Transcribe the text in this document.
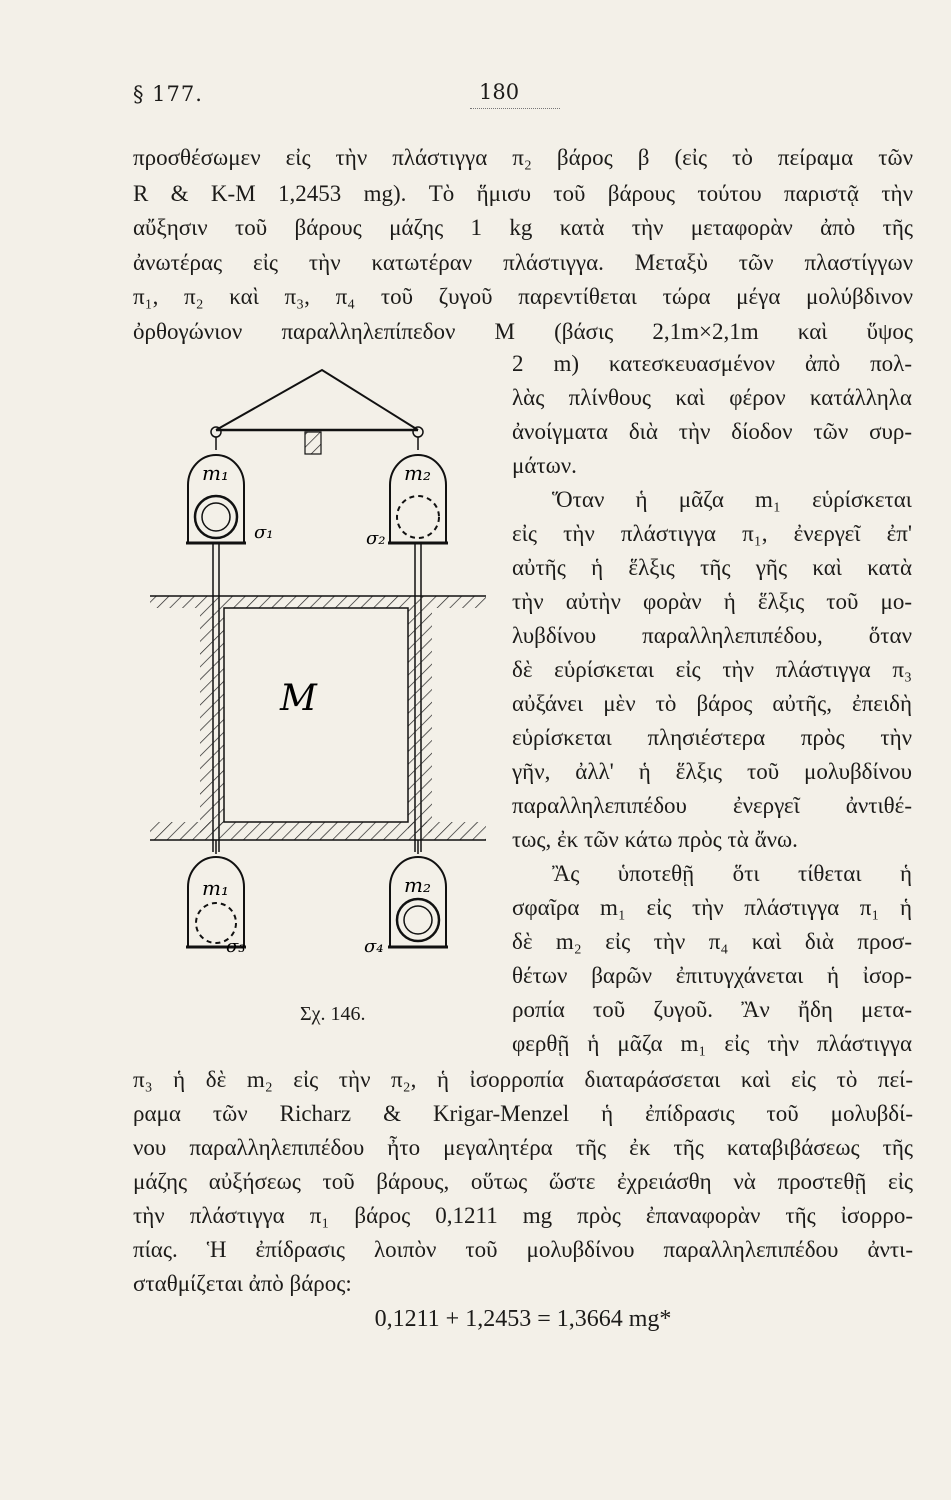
§ 177.	180
προσθέσωμεν εἰς τὴν πλάστιγγα π₂ βάρος β (εἰς τὸ πείραμα τῶν
R & K-M 1,2453 mg). Τὸ ἥμισυ τοῦ βάρους τούτου παριστᾷ τὴν
αὔξησιν τοῦ βάρους μάζης 1 kg κατὰ τὴν μεταφορὰν ἀπὸ τῆς
ἀνωτέρας εἰς τὴν κατωτέραν πλάστιγγα. Μεταξὺ τῶν πλαστίγγων
π₁, π₂ καὶ π₃, π₄ τοῦ ζυγοῦ παρεντίθεται τώρα μέγα μολύβδινον
ὀρθογώνιον παραλληλεπίπεδον Μ (βάσις 2,1m×2,1m καὶ ὕψος
2 m) κατεσκευασμένον ἀπὸ πολ-
λὰς πλίνθους καὶ φέρον κατάλληλα
ἀνοίγματα διὰ τὴν δίοδον τῶν συρ-
μάτων.
Ὅταν ἡ μᾶζα m₁ εὑρίσκεται
εἰς τὴν πλάστιγγα π₁, ἐνεργεῖ ἐπ'
αὐτῆς ἡ ἕλξις τῆς γῆς καὶ κατὰ
τὴν αὐτὴν φορὰν ἡ ἕλξις τοῦ μο-
λυβδίνου παραλληλεπιπέδου, ὅταν
δὲ εὑρίσκεται εἰς τὴν πλάστιγγα π₃
αὐξάνει μὲν τὸ βάρος αὐτῆς, ἐπειδὴ
εὑρίσκεται πλησιέστερα πρὸς τὴν
γῆν, ἀλλ' ἡ ἕλξις τοῦ μολυβδίνου
παραλληλεπιπέδου ἐνεργεῖ ἀντιθέ-
τως, ἐκ τῶν κάτω πρὸς τὰ ἄνω.
Ἂς ὑποτεθῇ ὅτι τίθεται ἡ
σφαῖρα m₁ εἰς τὴν πλάστιγγα π₁ ἡ
δὲ m₂ εἰς τὴν π₄ καὶ διὰ προσ-
θέτων βαρῶν ἐπιτυγχάνεται ἡ ἰσορ-
ροπία τοῦ ζυγοῦ. Ἂν ἤδη μετα-
φερθῇ ἡ μᾶζα m₁ εἰς τὴν πλάστιγγα
π₃ ἡ δὲ m₂ εἰς τὴν π₂, ἡ ἰσορροπία διαταράσσεται καὶ εἰς τὸ πεί-
ραμα τῶν Richarz & Krigar-Menzel ἡ ἐπίδρασις τοῦ μολυβδί-
νου παραλληλεπιπέδου ἦτο μεγαλητέρα τῆς ἐκ τῆς καταβιβάσεως τῆς
μάζης αὐξήσεως τοῦ βάρους, οὕτως ὥστε ἐχρειάσθη νὰ προστεθῇ εἰς
τὴν πλάστιγγα π₁ βάρος 0,1211 mg πρὸς ἐπαναφορὰν τῆς ἰσορρο-
πίας. Ἡ ἐπίδρασις λοιπὸν τοῦ μολυβδίνου παραλληλεπιπέδου ἀντι-
σταθμίζεται ἀπὸ βάρος:
0,1211 + 1,2453 = 1,3664 mg*
M
m₁	m₂
m₁	m₂
σ₁	σ₂
σ₃	σ₄
Σχ. 146.
